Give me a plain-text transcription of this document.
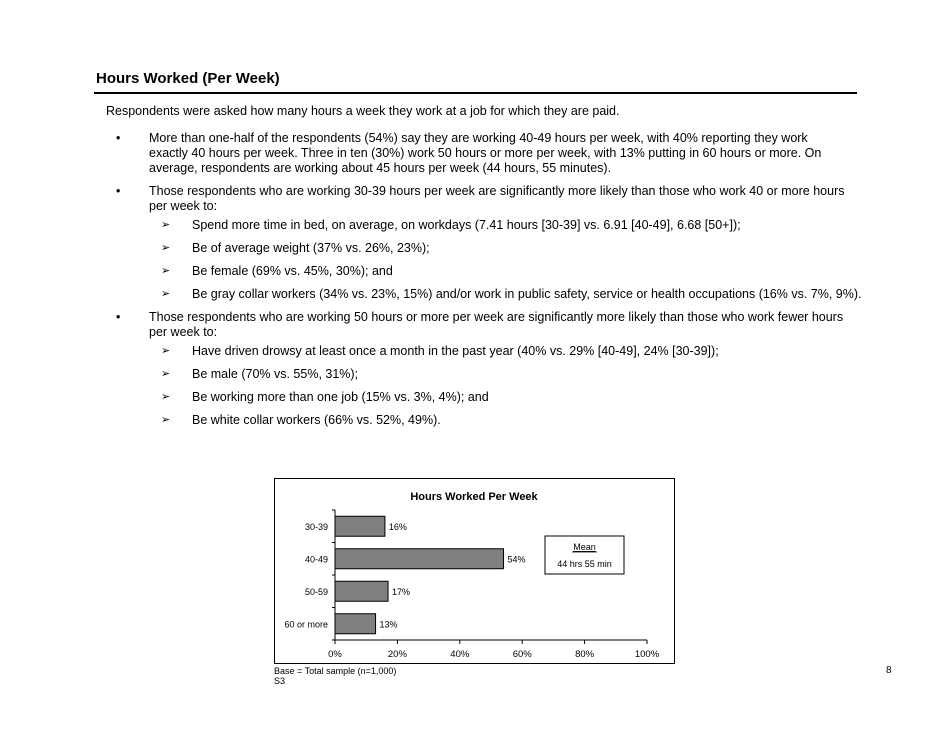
Hours Worked (Per Week)
Respondents were asked how many hours a week they work at a job for which they are paid.
• More than one-half of the respondents (54%) say they are working 40-49 hours per week, with 40% reporting they work exactly 40 hours per week. Three in ten (30%) work 50 hours or more per week, with 13% putting in 60 hours or more. On average, respondents are working about 45 hours per week (44 hours, 55 minutes).
• Those respondents who are working 30-39 hours per week are significantly more likely than those who work 40 or more hours per week to:
➢ Spend more time in bed, on average, on workdays (7.41 hours [30-39] vs. 6.91 [40-49], 6.68 [50+]);
➢ Be of average weight (37% vs. 26%, 23%);
➢ Be female (69% vs. 45%, 30%); and
➢ Be gray collar workers (34% vs. 23%, 15%) and/or work in public safety, service or health occupations (16% vs. 7%, 9%).
• Those respondents who are working 50 hours or more per week are significantly more likely than those who work fewer hours per week to:
➢ Have driven drowsy at least once a month in the past year (40% vs. 29% [40-49], 24% [30-39]);
➢ Be male (70% vs. 55%, 31%);
➢ Be working more than one job (15% vs. 3%, 4%); and
➢ Be white collar workers (66% vs. 52%, 49%).
Hours Worked Per Week
30-39	16%
40-49	54%
50-59	17%
60 or more	13%
0%	20%	40%	60%	80%	100%
Mean
44 hrs 55 min
Base = Total sample (n=1,000)
S3
8
